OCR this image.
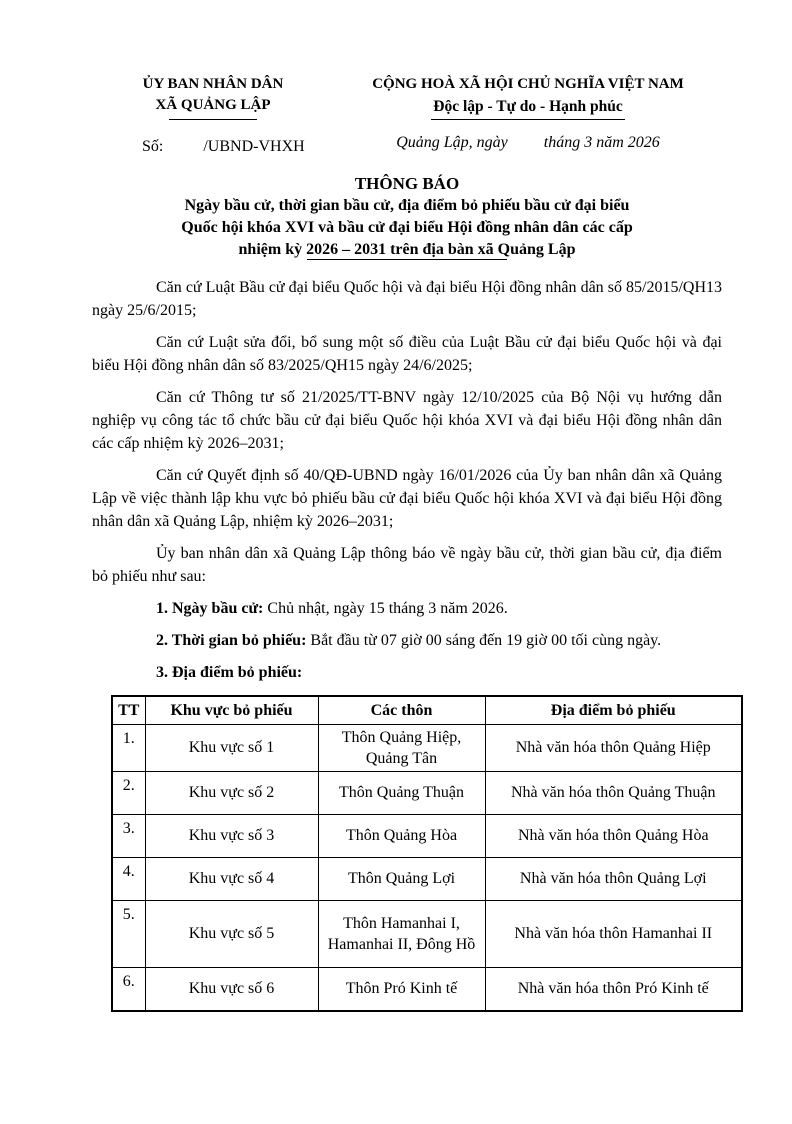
ỦY BAN NHÂN DÂN
XÃ QUẢNG LẬP
Số:	/UBND-VHXH
CỘNG HOÀ XÃ HỘI CHỦ NGHĨA VIỆT NAM
Độc lập - Tự do - Hạnh phúc
Quảng Lập, ngày tháng 3 năm 2026
THÔNG BÁO
Ngày bầu cử, thời gian bầu cử, địa điểm bỏ phiếu bầu cử đại biểu
Quốc hội khóa XVI và bầu cử đại biểu Hội đồng nhân dân các cấp
nhiệm kỳ 2026 – 2031 trên địa bàn xã Quảng Lập

Căn cứ Luật Bầu cử đại biểu Quốc hội và đại biểu Hội đồng nhân dân số 85/2015/QH13 ngày 25/6/2015;

Căn cứ Luật sửa đổi, bổ sung một số điều của Luật Bầu cử đại biểu Quốc hội và đại biểu Hội đồng nhân dân số 83/2025/QH15 ngày 24/6/2025;

Căn cứ Thông tư số 21/2025/TT-BNV ngày 12/10/2025 của Bộ Nội vụ hướng dẫn nghiệp vụ công tác tổ chức bầu cử đại biểu Quốc hội khóa XVI và đại biểu Hội đồng nhân dân các cấp nhiệm kỳ 2026–2031;

Căn cứ Quyết định số 40/QĐ-UBND ngày 16/01/2026 của Ủy ban nhân dân xã Quảng Lập về việc thành lập khu vực bỏ phiếu bầu cử đại biểu Quốc hội khóa XVI và đại biểu Hội đồng nhân dân xã Quảng Lập, nhiệm kỳ 2026–2031;

Ủy ban nhân dân xã Quảng Lập thông báo về ngày bầu cử, thời gian bầu cử, địa điểm bỏ phiếu như sau:

1. Ngày bầu cử: Chủ nhật, ngày 15 tháng 3 năm 2026.

2. Thời gian bỏ phiếu: Bắt đầu từ 07 giờ 00 sáng đến 19 giờ 00 tối cùng ngày.

3. Địa điểm bỏ phiếu:

TT	Khu vực bỏ phiếu	Các thôn	Địa điểm bỏ phiếu
1.	Khu vực số 1	Thôn Quảng Hiệp, Quảng Tân	Nhà văn hóa thôn Quảng Hiệp
2.	Khu vực số 2	Thôn Quảng Thuận	Nhà văn hóa thôn Quảng Thuận
3.	Khu vực số 3	Thôn Quảng Hòa	Nhà văn hóa thôn Quảng Hòa
4.	Khu vực số 4	Thôn Quảng Lợi	Nhà văn hóa thôn Quảng Lợi
5.	Khu vực số 5	Thôn Hamanhai I, Hamanhai II, Đông Hồ	Nhà văn hóa thôn Hamanhai II
6.	Khu vực số 6	Thôn Pró Kinh tế	Nhà văn hóa thôn Pró Kinh tế
